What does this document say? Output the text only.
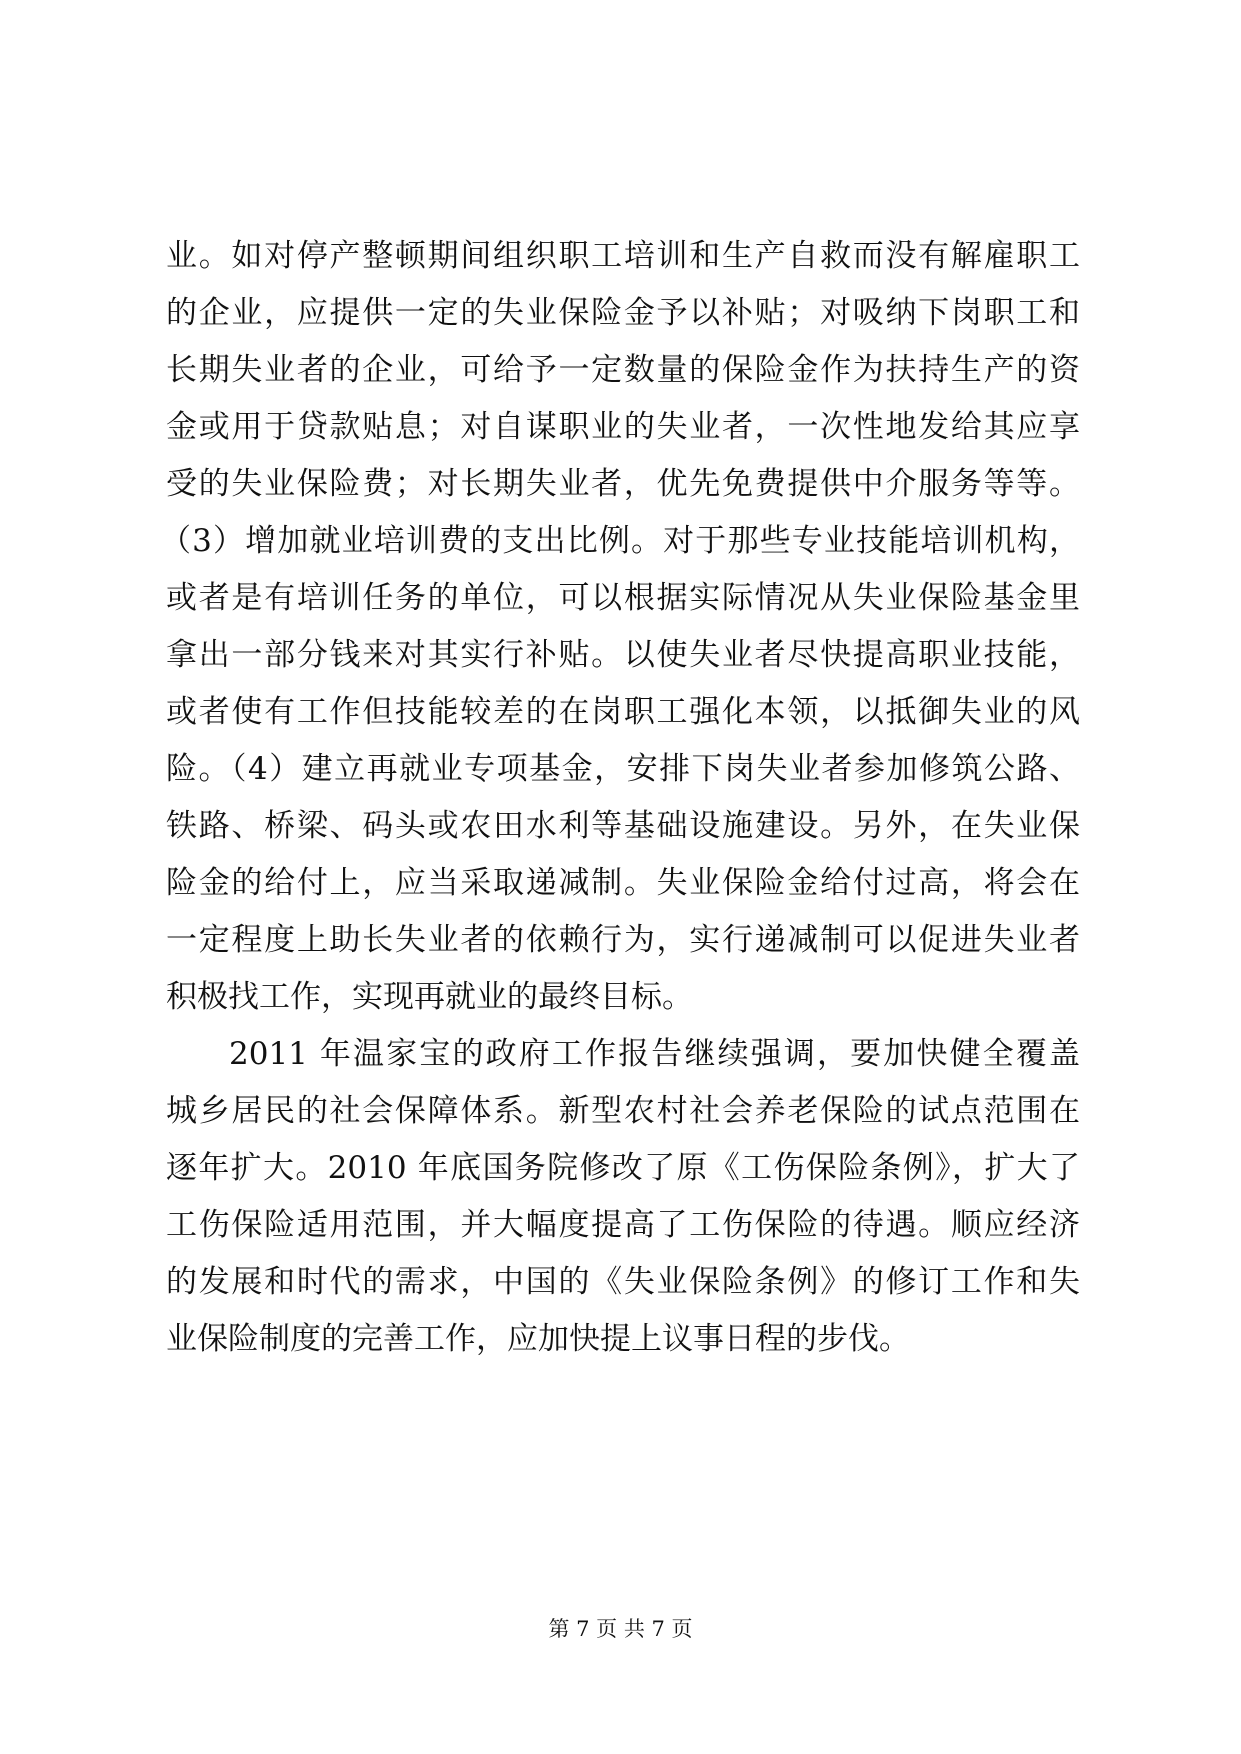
业。如对停产整顿期间组织职工培训和生产自救而没有解雇职工
的企业，应提供一定的失业保险金予以补贴；对吸纳下岗职工和
长期失业者的企业，可给予一定数量的保险金作为扶持生产的资
金或用于贷款贴息；对自谋职业的失业者，一次性地发给其应享
受的失业保险费；对长期失业者，优先免费提供中介服务等等。
（3）增加就业培训费的支出比例。对于那些专业技能培训机构，
或者是有培训任务的单位，可以根据实际情况从失业保险基金里
拿出一部分钱来对其实行补贴。以使失业者尽快提高职业技能，
或者使有工作但技能较差的在岗职工强化本领，以抵御失业的风
险。（4）建立再就业专项基金，安排下岗失业者参加修筑公路、
铁路、桥梁、码头或农田水利等基础设施建设。另外，在失业保
险金的给付上，应当采取递减制。失业保险金给付过高，将会在
一定程度上助长失业者的依赖行为，实行递减制可以促进失业者
积极找工作，实现再就业的最终目标。
2011 年温家宝的政府工作报告继续强调，要加快健全覆盖
城乡居民的社会保障体系。新型农村社会养老保险的试点范围在
逐年扩大。2010 年底国务院修改了原《工伤保险条例》，扩大了
工伤保险适用范围，并大幅度提高了工伤保险的待遇。顺应经济
的发展和时代的需求，中国的《失业保险条例》的修订工作和失
业保险制度的完善工作，应加快提上议事日程的步伐。
第 7 页 共 7 页
